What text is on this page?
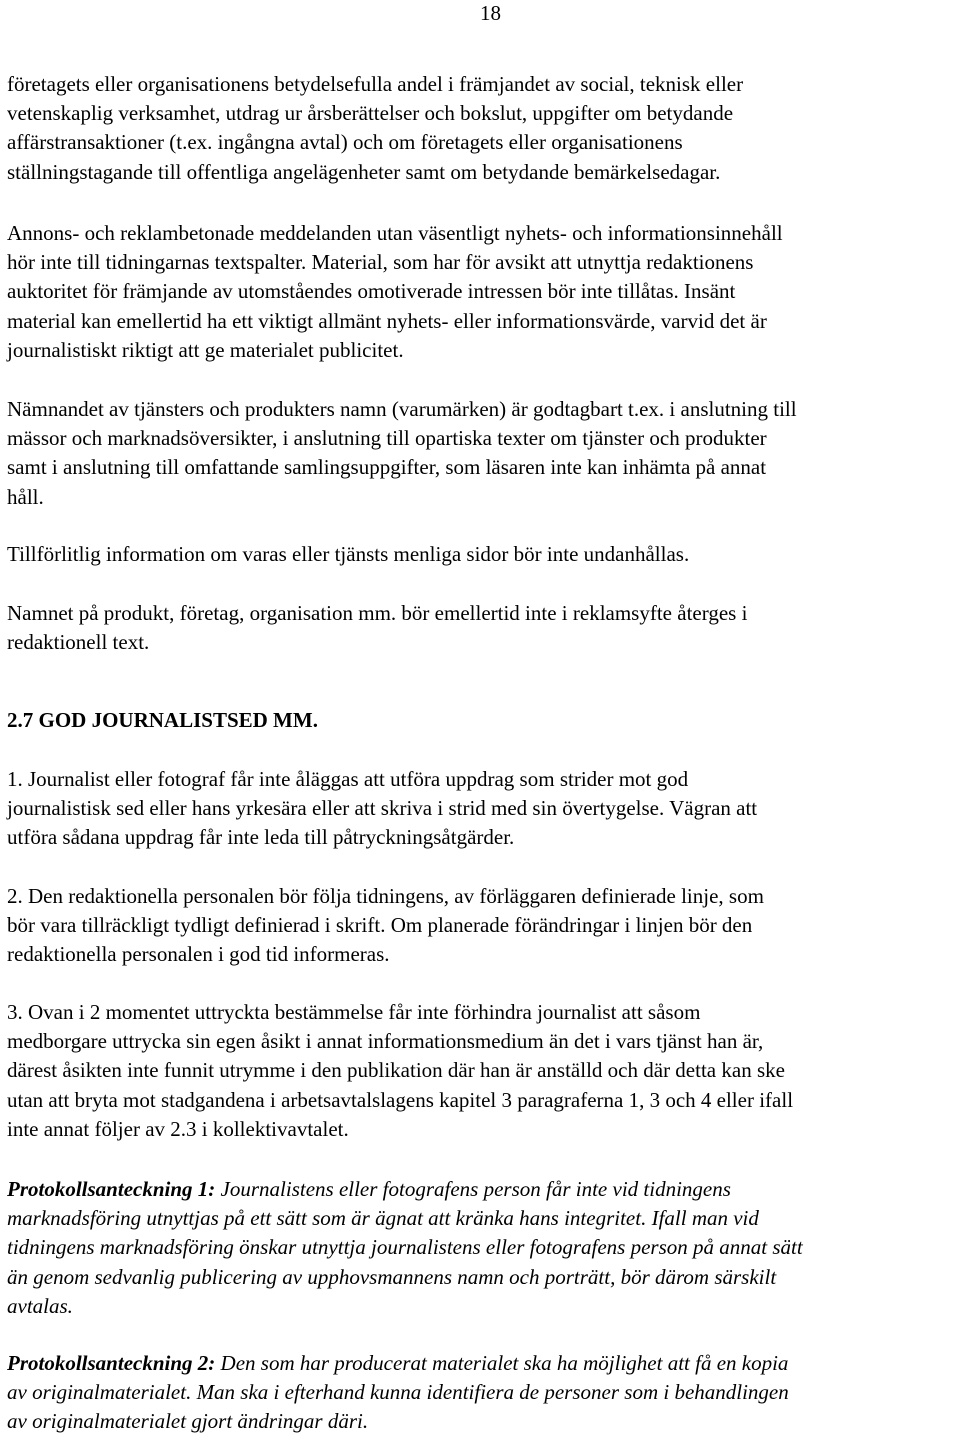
18
företagets eller organisationens betydelsefulla andel i främjandet av social, teknisk eller
vetenskaplig verksamhet, utdrag ur årsberättelser och bokslut, uppgifter om betydande
affärstransaktioner (t.ex. ingångna avtal) och om företagets eller organisationens
ställningstagande till offentliga angelägenheter samt om betydande bemärkelsedagar.
Annons- och reklambetonade meddelanden utan väsentligt nyhets- och informationsinnehåll
hör inte till tidningarnas textspalter. Material, som har för avsikt att utnyttja redaktionens
auktoritet för främjande av utomståendes omotiverade intressen bör inte tillåtas. Insänt
material kan emellertid ha ett viktigt allmänt nyhets- eller informationsvärde, varvid det är
journalistiskt riktigt att ge materialet publicitet.
Nämnandet av tjänsters och produkters namn (varumärken) är godtagbart t.ex. i anslutning till
mässor och marknadsöversikter, i anslutning till opartiska texter om tjänster och produkter
samt i anslutning till omfattande samlingsuppgifter, som läsaren inte kan inhämta på annat
håll.
Tillförlitlig information om varas eller tjänsts menliga sidor bör inte undanhållas.
Namnet på produkt, företag, organisation mm. bör emellertid inte i reklamsyfte återges i
redaktionell text.
2.7 GOD JOURNALISTSED MM.
1. Journalist eller fotograf får inte åläggas att utföra uppdrag som strider mot god
journalistisk sed eller hans yrkesära eller att skriva i strid med sin övertygelse. Vägran att
utföra sådana uppdrag får inte leda till påtryckningsåtgärder.
2. Den redaktionella personalen bör följa tidningens, av förläggaren definierade linje, som
bör vara tillräckligt tydligt definierad i skrift. Om planerade förändringar i linjen bör den
redaktionella personalen i god tid informeras.
3. Ovan i 2 momentet uttryckta bestämmelse får inte förhindra journalist att såsom
medborgare uttrycka sin egen åsikt i annat informationsmedium än det i vars tjänst han är,
därest åsikten inte funnit utrymme i den publikation där han är anställd och där detta kan ske
utan att bryta mot stadgandena i arbetsavtalslagens kapitel 3 paragraferna 1, 3 och 4 eller ifall
inte annat följer av 2.3 i kollektivavtalet.
Protokollsanteckning 1: Journalistens eller fotografens person får inte vid tidningens
marknadsföring utnyttjas på ett sätt som är ägnat att kränka hans integritet. Ifall man vid
tidningens marknadsföring önskar utnyttja journalistens eller fotografens person på annat sätt
än genom sedvanlig publicering av upphovsmannens namn och porträtt, bör därom särskilt
avtalas.
Protokollsanteckning 2: Den som har producerat materialet ska ha möjlighet att få en kopia
av originalmaterialet. Man ska i efterhand kunna identifiera de personer som i behandlingen
av originalmaterialet gjort ändringar däri.
